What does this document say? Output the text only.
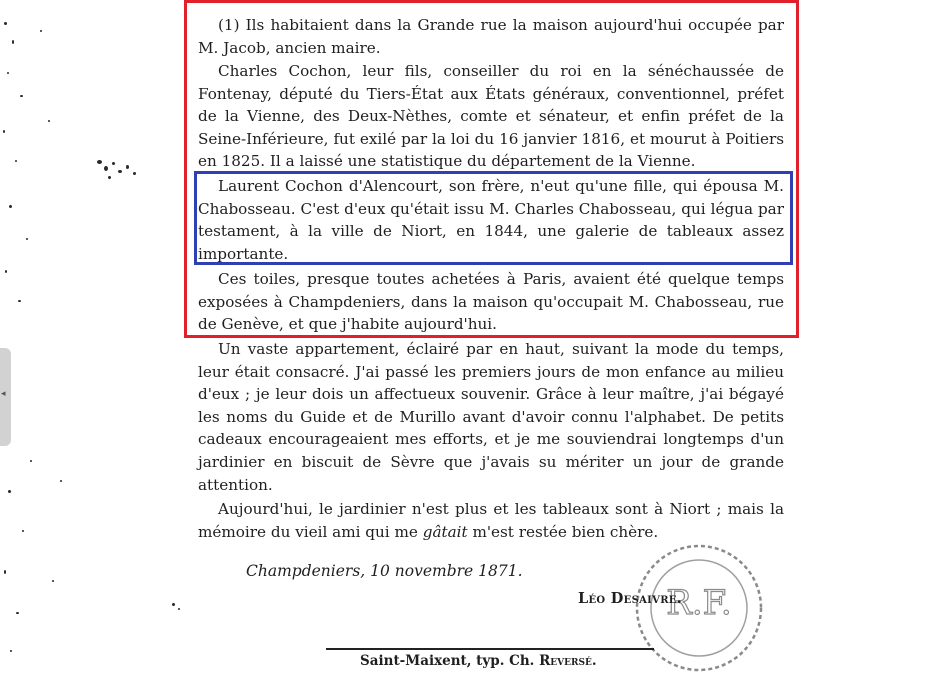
◂

(1) Ils habitaient dans la Grande rue la maison aujourd'hui occupée par M. Jacob, ancien maire.

Charles Cochon, leur fils, conseiller du roi en la sénéchaussée de Fontenay, député du Tiers-État aux États généraux, conventionnel, préfet de la Vienne, des Deux-Nèthes, comte et sénateur, et enfin préfet de la Seine-Inférieure, fut exilé par la loi du 16 janvier 1816, et mourut à Poitiers en 1825. Il a laissé une statistique du département de la Vienne.

Laurent Cochon d'Alencourt, son frère, n'eut qu'une fille, qui épousa M. Chabosseau. C'est d'eux qu'était issu M. Charles Chabosseau, qui légua par testament, à la ville de Niort, en 1844, une galerie de tableaux assez importante.

Ces toiles, presque toutes achetées à Paris, avaient été quelque temps exposées à Champdeniers, dans la maison qu'occupait M. Chabosseau, rue de Genève, et que j'habite aujourd'hui.

Un vaste appartement, éclairé par en haut, suivant la mode du temps, leur était consacré. J'ai passé les premiers jours de mon enfance au milieu d'eux ; je leur dois un affectueux souvenir. Grâce à leur maître, j'ai bégayé les noms du Guide et de Murillo avant d'avoir connu l'alphabet. De petits cadeaux encourageaient mes efforts, et je me souviendrai longtemps d'un jardinier en biscuit de Sèvre que j'avais su mériter un jour de grande attention.

Aujourd'hui, le jardinier n'est plus et les tableaux sont à Niort ; mais la mémoire du vieil ami qui me gâtait m'est restée bien chère.

Champdeniers, 10 novembre 1871.
R.F.
Léo Desaivre.
Saint-Maixent, typ. Ch. Reversé.
